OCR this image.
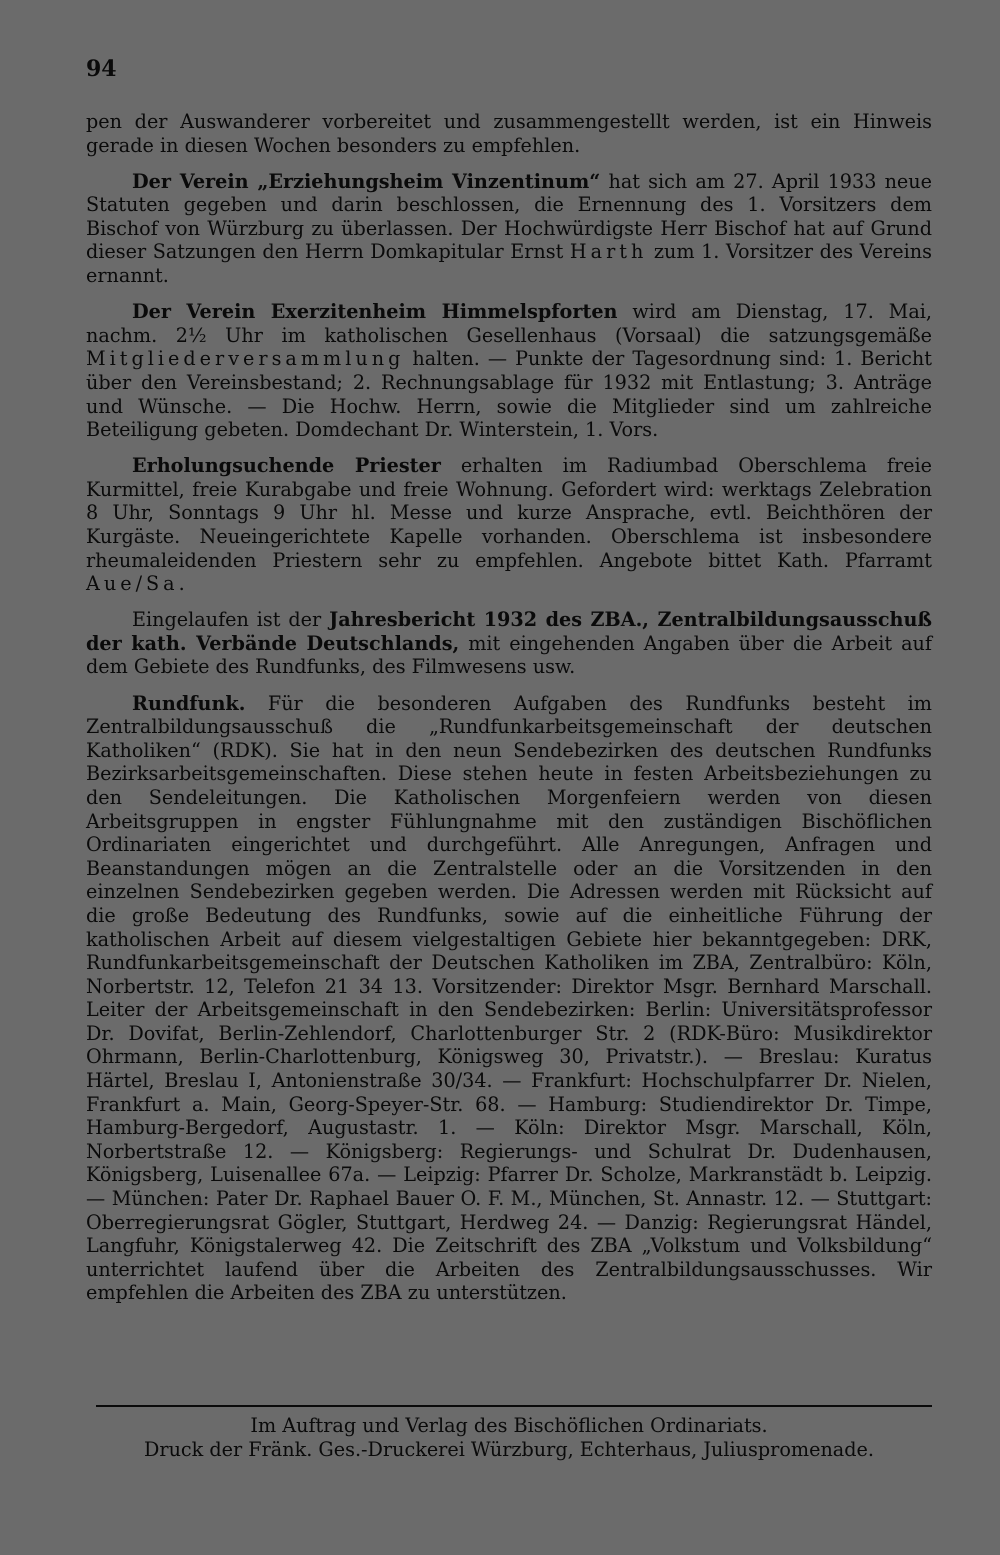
94

pen der Auswanderer vorbereitet und zusammengestellt werden, ist ein Hinweis gerade in diesen Wochen besonders zu empfehlen.

Der Verein „Erziehungsheim Vinzentinum“ hat sich am 27. April 1933 neue Statuten gegeben und darin beschlossen, die Ernennung des 1. Vorsitzers dem Bischof von Würzburg zu überlassen. Der Hochwürdigste Herr Bischof hat auf Grund dieser Satzungen den Herrn Domkapitular Ernst Harth zum 1. Vorsitzer des Vereins ernannt.

Der Verein Exerzitenheim Himmelspforten wird am Dienstag, 17. Mai, nachm. 2½ Uhr im katholischen Gesellenhaus (Vorsaal) die satzungsgemäße Mitgliederversammlung halten. — Punkte der Tagesordnung sind: 1. Bericht über den Vereinsbestand; 2. Rechnungsablage für 1932 mit Entlastung; 3. Anträge und Wünsche. — Die Hochw. Herrn, sowie die Mitglieder sind um zahlreiche Beteiligung gebeten. Domdechant Dr. Winterstein, 1. Vors.

Erholungsuchende Priester erhalten im Radiumbad Oberschlema freie Kurmittel, freie Kurabgabe und freie Wohnung. Gefordert wird: werktags Zelebration 8 Uhr, Sonntags 9 Uhr hl. Messe und kurze Ansprache, evtl. Beichthören der Kurgäste. Neueingerichtete Kapelle vorhanden. Oberschlema ist insbesondere rheumaleidenden Priestern sehr zu empfehlen. Angebote bittet Kath. Pfarramt Aue/Sa.

Eingelaufen ist der Jahresbericht 1932 des ZBA., Zentralbildungsausschuß der kath. Verbände Deutschlands, mit eingehenden Angaben über die Arbeit auf dem Gebiete des Rundfunks, des Filmwesens usw.

Rundfunk. Für die besonderen Aufgaben des Rundfunks besteht im Zentralbildungsausschuß die „Rundfunkarbeitsgemeinschaft der deutschen Katholiken“ (RDK). Sie hat in den neun Sendebezirken des deutschen Rundfunks Bezirksarbeitsgemeinschaften. Diese stehen heute in festen Arbeitsbeziehungen zu den Sendeleitungen. Die Katholischen Morgenfeiern werden von diesen Arbeitsgruppen in engster Fühlungnahme mit den zuständigen Bischöflichen Ordinariaten eingerichtet und durchgeführt. Alle Anregungen, Anfragen und Beanstandungen mögen an die Zentralstelle oder an die Vorsitzenden in den einzelnen Sendebezirken gegeben werden. Die Adressen werden mit Rücksicht auf die große Bedeutung des Rundfunks, sowie auf die einheitliche Führung der katholischen Arbeit auf diesem vielgestaltigen Gebiete hier bekanntgegeben: DRK, Rundfunkarbeitsgemeinschaft der Deutschen Katholiken im ZBA, Zentralbüro: Köln, Norbertstr. 12, Telefon 21 34 13. Vorsitzender: Direktor Msgr. Bernhard Marschall. Leiter der Arbeitsgemeinschaft in den Sendebezirken: Berlin: Universitätsprofessor Dr. Dovifat, Berlin-Zehlendorf, Charlottenburger Str. 2 (RDK-Büro: Musikdirektor Ohrmann, Berlin-Charlottenburg, Königsweg 30, Privatstr.). — Breslau: Kuratus Härtel, Breslau I, Antonienstraße 30/34. — Frankfurt: Hochschulpfarrer Dr. Nielen, Frankfurt a. Main, Georg-Speyer-Str. 68. — Hamburg: Studiendirektor Dr. Timpe, Hamburg-Bergedorf, Augustastr. 1. — Köln: Direktor Msgr. Marschall, Köln, Norbertstraße 12. — Königsberg: Regierungs- und Schulrat Dr. Dudenhausen, Königsberg, Luisenallee 67a. — Leipzig: Pfarrer Dr. Scholze, Markranstädt b. Leipzig. — München: Pater Dr. Raphael Bauer O. F. M., München, St. Annastr. 12. — Stuttgart: Oberregierungsrat Gögler, Stuttgart, Herdweg 24. — Danzig: Regierungsrat Händel, Langfuhr, Königstalerweg 42. Die Zeitschrift des ZBA „Volkstum und Volksbildung“ unterrichtet laufend über die Arbeiten des Zentralbildungsausschusses. Wir empfehlen die Arbeiten des ZBA zu unterstützen.

Im Auftrag und Verlag des Bischöflichen Ordinariats.
Druck der Fränk. Ges.-Druckerei Würzburg, Echterhaus, Juliuspromenade.
